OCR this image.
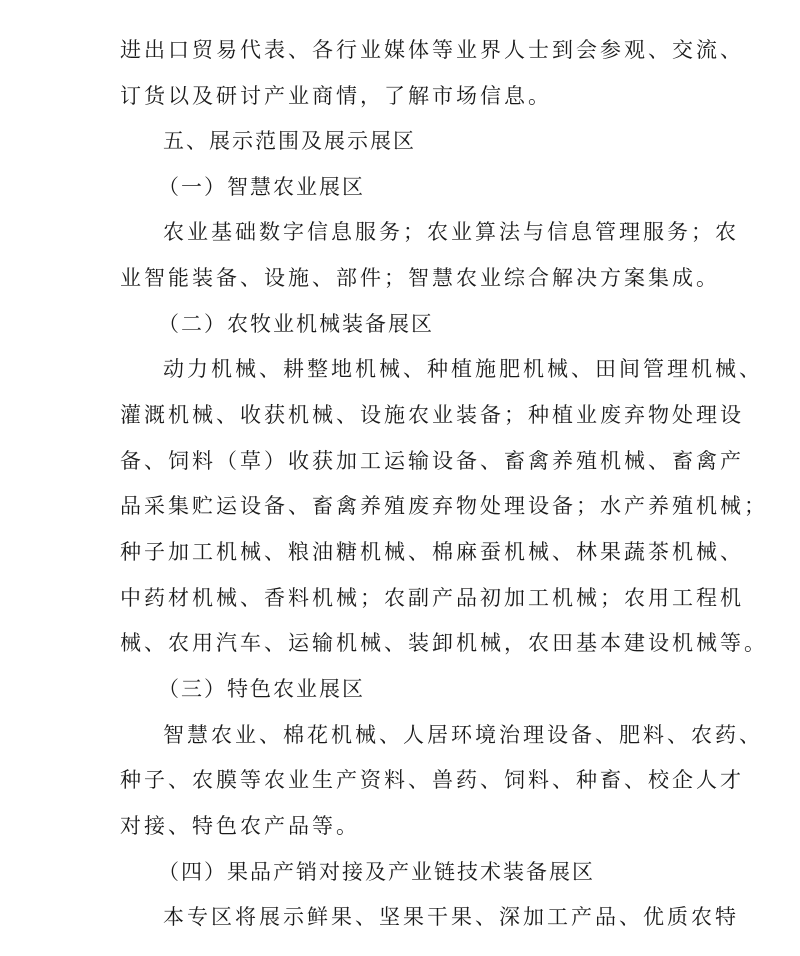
进出口贸易代表、各行业媒体等业界人士到会参观、交流、
订货以及研讨产业商情，了解市场信息。
五、展示范围及展示展区
（一）智慧农业展区
农业基础数字信息服务；农业算法与信息管理服务；农
业智能装备、设施、部件；智慧农业综合解决方案集成。
（二）农牧业机械装备展区
动力机械、耕整地机械、种植施肥机械、田间管理机械、
灌溉机械、收获机械、设施农业装备；种植业废弃物处理设
备、饲料（草）收获加工运输设备、畜禽养殖机械、畜禽产
品采集贮运设备、畜禽养殖废弃物处理设备；水产养殖机械；
种子加工机械、粮油糖机械、棉麻蚕机械、林果蔬茶机械、
中药材机械、香料机械；农副产品初加工机械；农用工程机
械、农用汽车、运输机械、装卸机械，农田基本建设机械等。
（三）特色农业展区
智慧农业、棉花机械、人居环境治理设备、肥料、农药、
种子、农膜等农业生产资料、兽药、饲料、种畜、校企人才
对接、特色农产品等。
（四）果品产销对接及产业链技术装备展区
本专区将展示鲜果、坚果干果、深加工产品、优质农特
